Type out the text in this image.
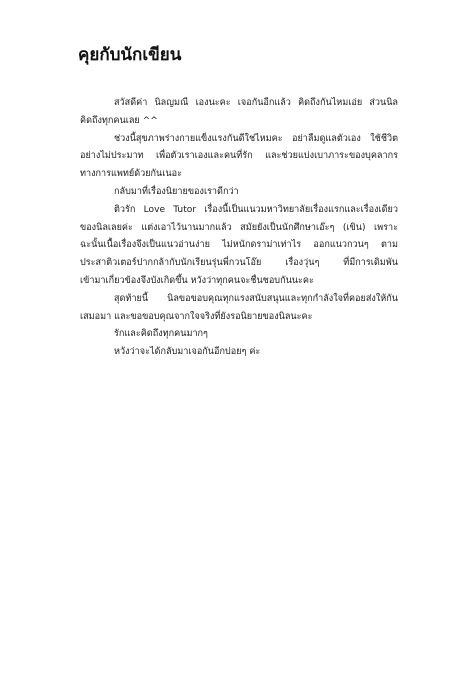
คุยกับนักเขียน
สวัสดีค่า นิลญมณี เองนะคะ เจอกันอีกแล้ว คิดถึงกันไหมเอ่ย ส่วนนิล
คิดถึงทุกคนเลย ^^
ช่วงนี้สุขภาพร่างกายแข็งแรงกันดีใช่ไหมคะ อย่าลืมดูแลตัวเอง ใช้ชีวิต
อย่างไม่ประมาท เพื่อตัวเราเองและคนที่รัก และช่วยแบ่งเบาภาระของบุคลากร
ทางการแพทย์ด้วยกันเนอะ
กลับมาที่เรื่องนิยายของเราดีกว่า
ติวรัก Love Tutor เรื่องนี้เป็นแนวมหาวิทยาลัยเรื่องแรกและเรื่องเดียว
ของนิลเลยค่ะ แต่งเอาไว้นานมากแล้ว สมัยยังเป็นนักศึกษาเอ๊ะๆ (เขิน) เพราะ
ฉะนั้นเนื้อเรื่องจึงเป็นแนวอ่านง่าย ไม่หนักดราม่าเท่าไร ออกแนวกวนๆ ตาม
ประสาติวเตอร์ปากกล้ากับนักเรียนรุ่นพี่กวนโอ๊ย เรื่องวุ่นๆ ที่มีการเดิมพัน
เข้ามาเกี่ยวข้องจึงบังเกิดขึ้น หวังว่าทุกคนจะชื่นชอบกันนะคะ
สุดท้ายนี้ นิลขอขอบคุณทุกแรงสนับสนุนและทุกกำลังใจที่คอยส่งให้กัน
เสมอมา และขอขอบคุณจากใจจริงที่ยังรอนิยายของนิลนะคะ
รักและคิดถึงทุกคนมากๆ
หวังว่าจะได้กลับมาเจอกันอีกบ่อยๆ ค่ะ
